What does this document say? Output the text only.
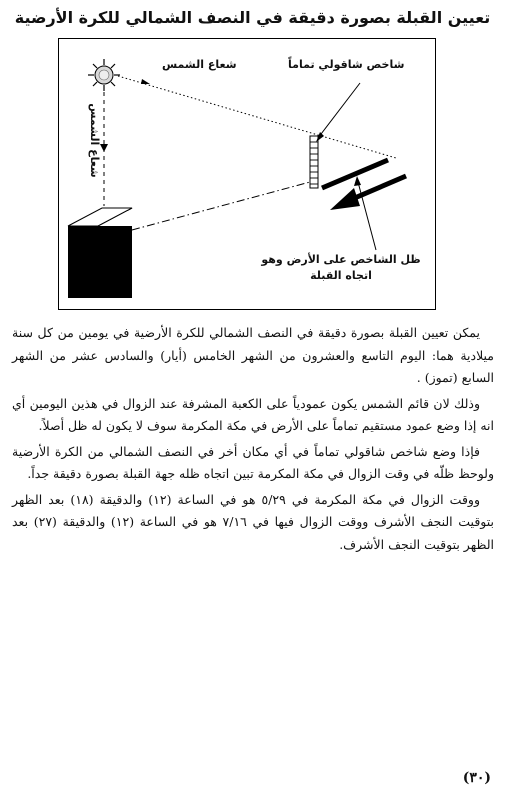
تعيين القبلة بصورة دقيقة في النصف الشمالي للكرة الأرضية
شعاع الشمس	شاخص شاقولي تماماً
شعاع الشمس
ظل الشاخص على الأرض وهو اتجاه القبلة

يمكن تعيين القبلة بصورة دقيقة في النصف الشمالي للكرة الأرضية في يومين من كل سنة ميلادية هما: اليوم التاسع والعشرون من الشهر الخامس (أيار) والسادس عشر من الشهر السابع (تموز) .

وذلك لان قائم الشمس يكون عمودياً على الكعبة المشرفة عند الزوال في هذين اليومين أي انه إذا وضع عمود مستقيم تماماً على الأرض في مكة المكرمة سوف لا يكون له ظل أصلاً.

فإذا وضع شاخص شاقولي تماماً في أي مكان أخر في النصف الشمالي من الكرة الأرضية ولوحظ ظلّه في وقت الزوال في مكة المكرمة تبين اتجاه ظله جهة القبلة بصورة دقيقة جداً.

ووقت الزوال في مكة المكرمة في ٥/٢٩ هو في الساعة (١٢) والدقيقة (١٨) بعد الظهر بتوقيت النجف الأشرف ووقت الزوال فيها في ٧/١٦ هو في الساعة (١٢) والدقيقة (٢٧) بعد الظهر بتوقيت النجف الأشرف.

(٣٠)
